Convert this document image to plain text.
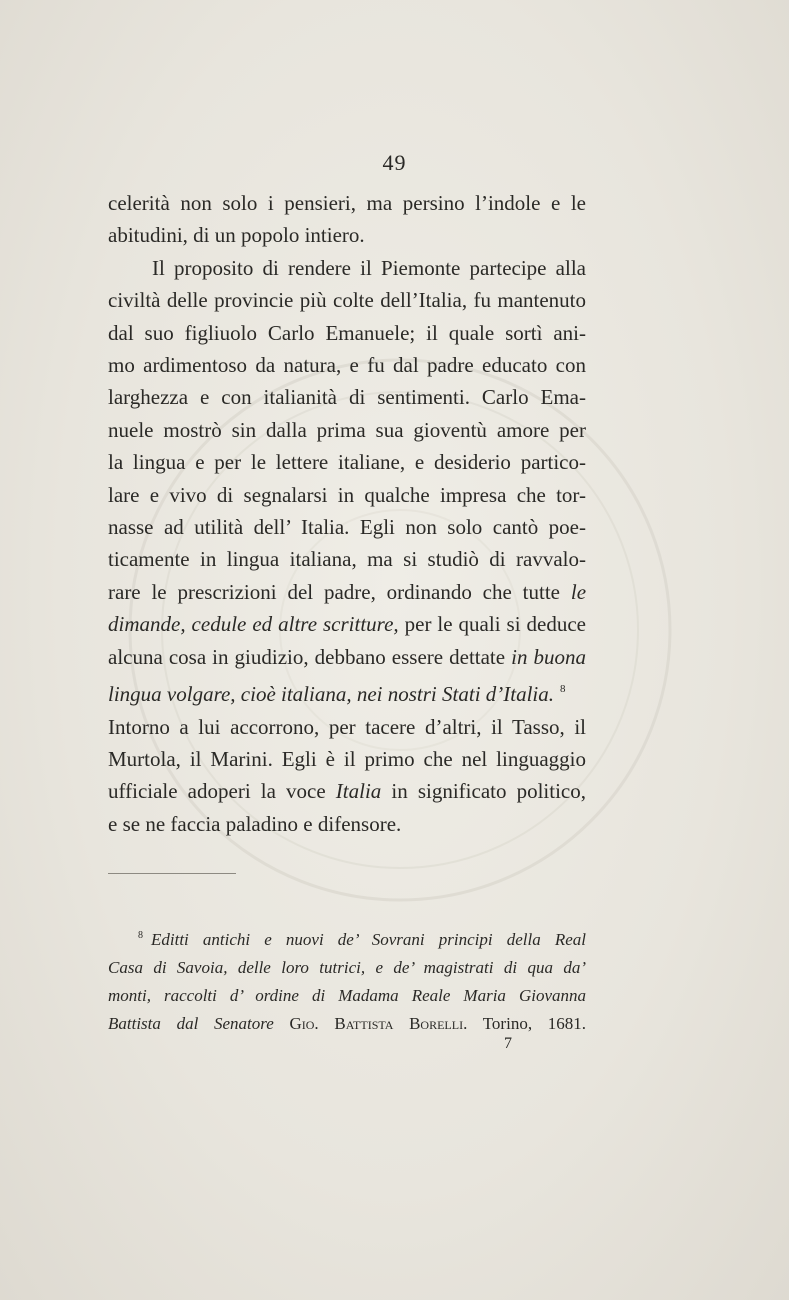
49
celerità non solo i pensieri, ma persino l’indole e le
abitudini, di un popolo intiero.
Il proposito di rendere il Piemonte partecipe alla
civiltà delle provincie più colte dell’Italia, fu mantenuto
dal suo figliuolo Carlo Emanuele; il quale sortì ani-
mo ardimentoso da natura, e fu dal padre educato con
larghezza e con italianità di sentimenti. Carlo Ema-
nuele mostrò sin dalla prima sua gioventù amore per
la lingua e per le lettere italiane, e desiderio partico-
lare e vivo di segnalarsi in qualche impresa che tor-
nasse ad utilità dell’ Italia. Egli non solo cantò poe-
ticamente in lingua italiana, ma si studiò di ravvalo-
rare le prescrizioni del padre, ordinando che tutte le
dimande, cedule ed altre scritture, per le quali si deduce
alcuna cosa in giudizio, debbano essere dettate in buona
lingua volgare, cioè italiana, nei nostri Stati d’Italia. $^8$
Intorno a lui accorrono, per tacere d’altri, il Tasso, il
Murtola, il Marini. Egli è il primo che nel linguaggio
ufficiale adoperi la voce Italia in significato politico,
e se ne faccia paladino e difensore.
$^8$ Editti antichi e nuovi de’ Sovrani principi della Real
Casa di Savoia, delle loro tutrici, e de’ magistrati di qua da’
monti, raccolti d’ ordine di Madama Reale Maria Giovanna
Battista dal Senatore Gio. Battista Borelli. Torino, 1681.
7
